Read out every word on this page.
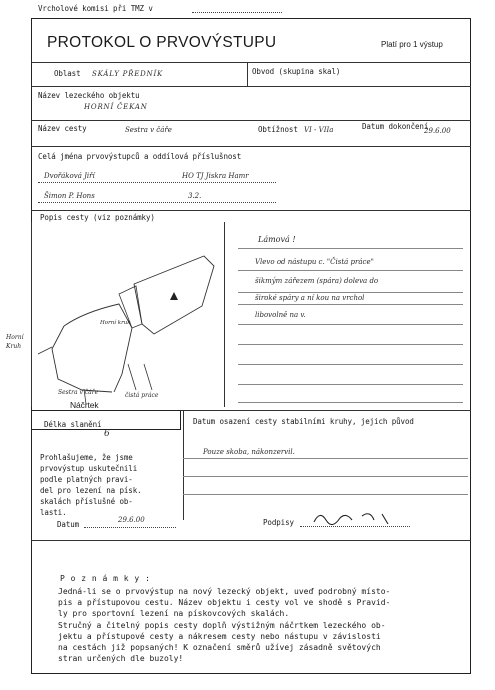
Vrcholové komisi při TMZ v
PROTOKOL O PRVOVÝSTUPU	Platí pro 1 výstup
Oblast SKÁLY PŘEDNÍK	Obvod (skupina skal)
Název lezeckého objektu
HORNÍ ČEKAN
Název cesty	Sestra v čáře	Obtížnost VI - VIIa	Datum dokončení
29.6.00
Celá jména prvovýstupců a oddílová příslušnost
Dvořáková Jiří	HO TJ Jiskra Hamr
Šimon P. Hons	3.2.
Popis cesty (viz poznámky)
Lámová !
Vlevo od nástupu c. "Čistá práce"
šikmým zářezem (spára) doleva do
široké spáry a ní kou na vrchol
libovolně na v.
Horní
Kruh
Horní kruh
Sestra v čáře	čistá práce
Náčrtek
Délka slanění
6
Datum osazení cesty stabilními kruhy, jejich původ
Pouze skoba, nákonzervil.
Prohlašujeme, že jsme
prvovýstup uskutečnili
podle platných pravi-
del pro lezení na písk.
skalách příslušné ob-
lasti.
Datum	29.6.00	Podpisy
P o z n á m k y :
Jedná-li se o prvovýstup na nový lezecký objekt, uveď podrobný místo-
pis a přístupovou cestu. Název objektu i cesty vol ve shodě s Pravid-
ly pro sportovní lezení na pískovcových skalách.
Stručný a čitelný popis cesty doplň výstižným náčrtkem lezeckého ob-
jektu a přístupové cesty a nákresem cesty nebo nástupu v závislosti
na cestách již popsaných! K označení směrů užívej zásadně světových
stran určených dle buzoly!
